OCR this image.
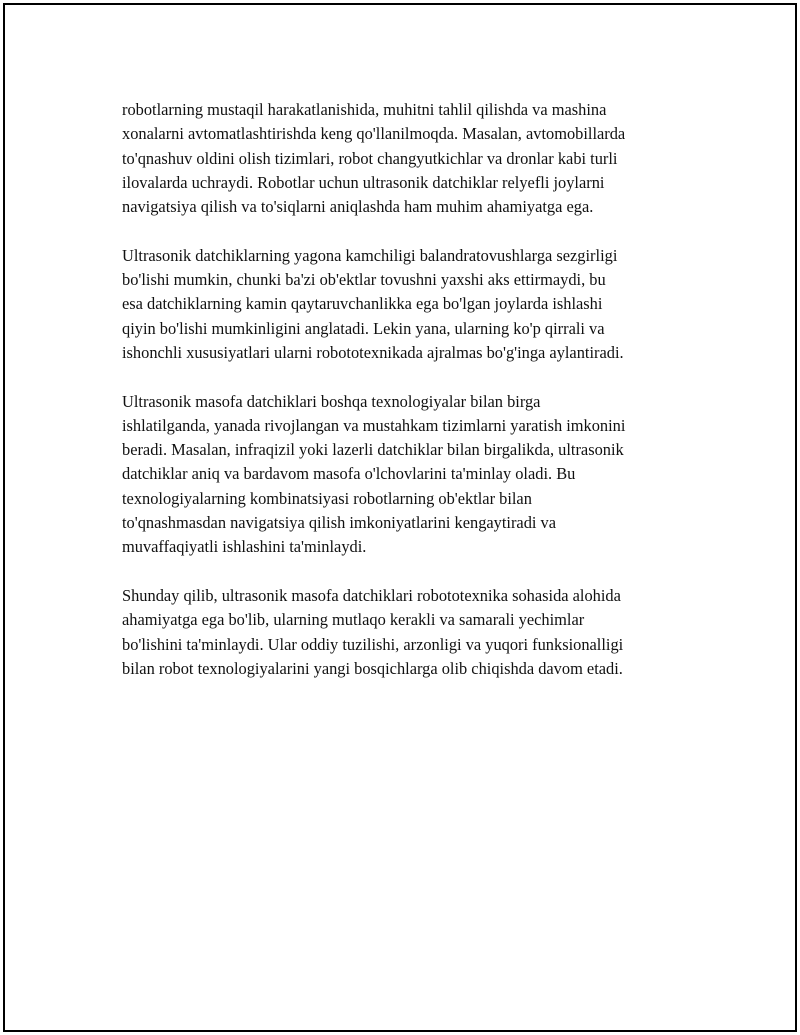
robotlarning mustaqil harakatlanishida, muhitni tahlil qilishda va mashina
xonalarni avtomatlashtirishda keng qo'llanilmoqda. Masalan, avtomobillarda
to'qnashuv oldini olish tizimlari, robot changyutkichlar va dronlar kabi turli
ilovalarda uchraydi. Robotlar uchun ultrasonik datchiklar relyefli joylarni
navigatsiya qilish va to'siqlarni aniqlashda ham muhim ahamiyatga ega.

Ultrasonik datchiklarning yagona kamchiligi balandratovushlarga sezgirligi
bo'lishi mumkin, chunki ba'zi ob'ektlar tovushni yaxshi aks ettirmaydi, bu
esa datchiklarning kamin qaytaruvchanlikka ega bo'lgan joylarda ishlashi
qiyin bo'lishi mumkinligini anglatadi. Lekin yana, ularning ko'p qirrali va
ishonchli xususiyatlari ularni robototexnikada ajralmas bo'g'inga aylantiradi.

Ultrasonik masofa datchiklari boshqa texnologiyalar bilan birga
ishlatilganda, yanada rivojlangan va mustahkam tizimlarni yaratish imkonini
beradi. Masalan, infraqizil yoki lazerli datchiklar bilan birgalikda, ultrasonik
datchiklar aniq va bardavom masofa o'lchovlarini ta'minlay oladi. Bu
texnologiyalarning kombinatsiyasi robotlarning ob'ektlar bilan
to'qnashmasdan navigatsiya qilish imkoniyatlarini kengaytiradi va
muvaffaqiyatli ishlashini ta'minlaydi.

Shunday qilib, ultrasonik masofa datchiklari robototexnika sohasida alohida
ahamiyatga ega bo'lib, ularning mutlaqo kerakli va samarali yechimlar
bo'lishini ta'minlaydi. Ular oddiy tuzilishi, arzonligi va yuqori funksionalligi
bilan robot texnologiyalarini yangi bosqichlarga olib chiqishda davom etadi.
